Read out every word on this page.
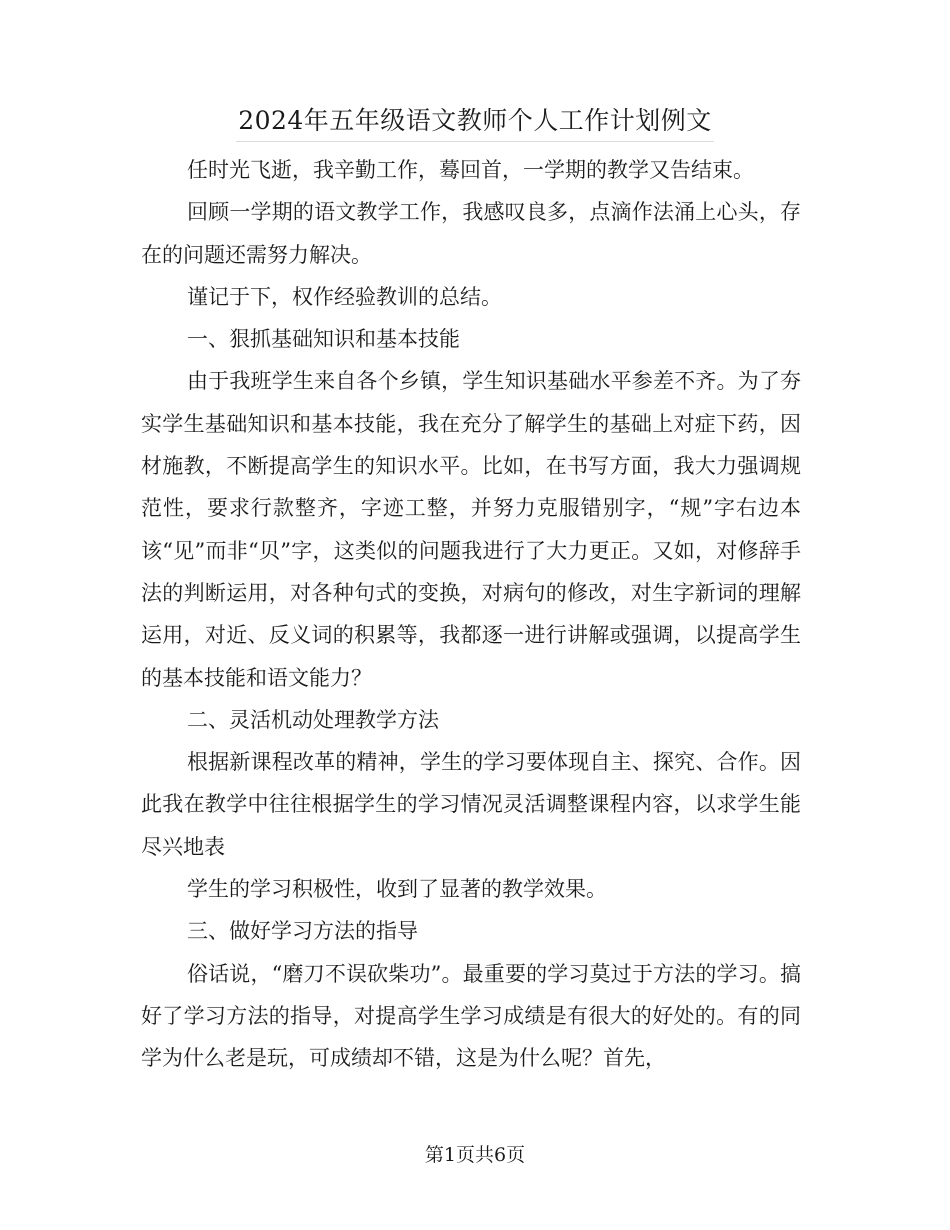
2024年五年级语文教师个人工作计划例文

任时光飞逝，我辛勤工作，蓦回首，一学期的教学又告结束。

回顾一学期的语文教学工作，我感叹良多，点滴作法涌上心头，存在的问题还需努力解决。

谨记于下，权作经验教训的总结。

一、狠抓基础知识和基本技能

由于我班学生来自各个乡镇，学生知识基础水平参差不齐。为了夯实学生基础知识和基本技能，我在充分了解学生的基础上对症下药，因材施教，不断提高学生的知识水平。比如，在书写方面，我大力强调规范性，要求行款整齐，字迹工整，并努力克服错别字，“规”字右边本该“见”而非“贝”字，这类似的问题我进行了大力更正。又如，对修辞手法的判断运用，对各种句式的变换，对病句的修改，对生字新词的理解运用，对近、反义词的积累等，我都逐一进行讲解或强调，以提高学生的基本技能和语文能力？

二、灵活机动处理教学方法

根据新课程改革的精神，学生的学习要体现自主、探究、合作。因此我在教学中往往根据学生的学习情况灵活调整课程内容，以求学生能尽兴地表

学生的学习积极性，收到了显著的教学效果。

三、做好学习方法的指导

俗话说，“磨刀不误砍柴功”。最重要的学习莫过于方法的学习。搞好了学习方法的指导，对提高学生学习成绩是有很大的好处的。有的同学为什么老是玩，可成绩却不错，这是为什么呢？首先，

第1页共6页
